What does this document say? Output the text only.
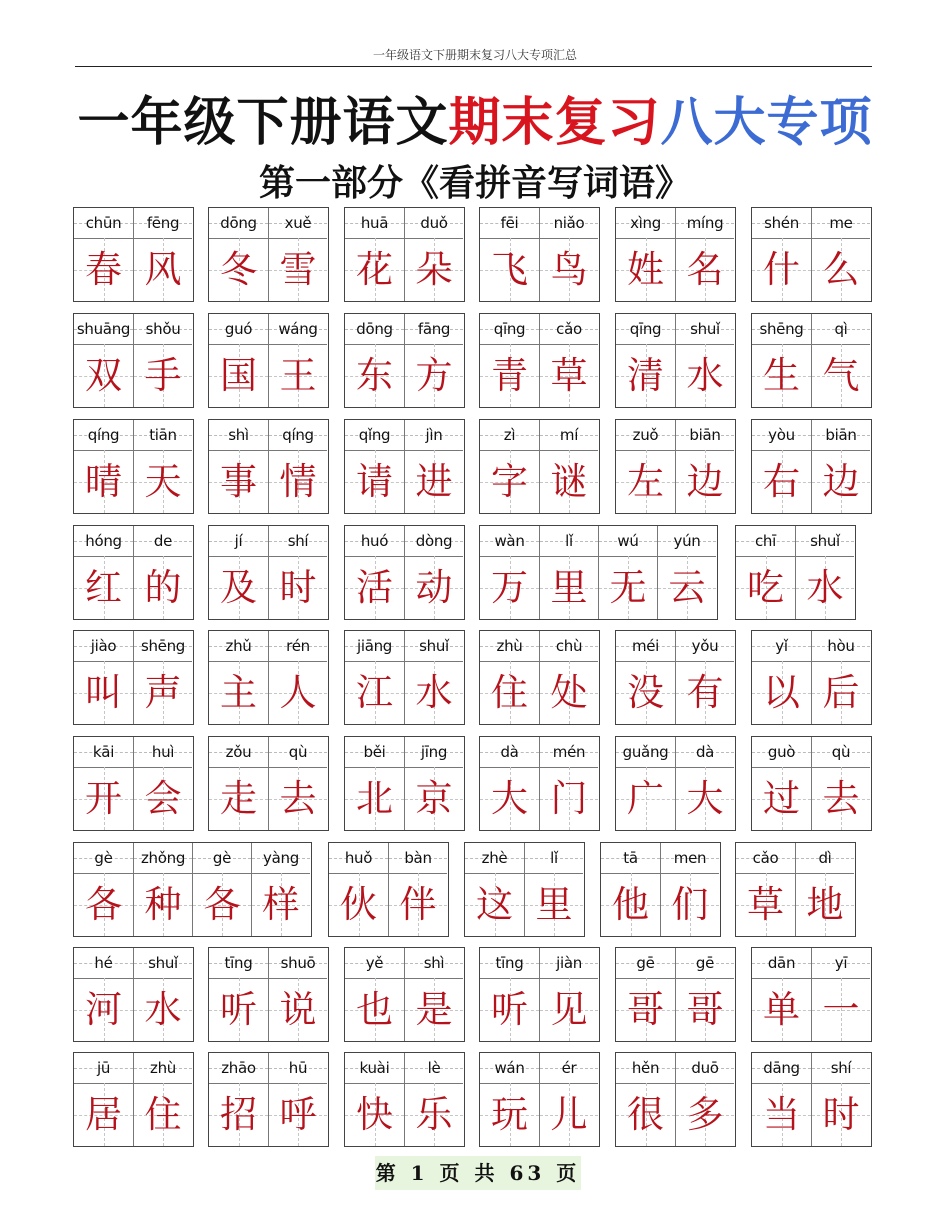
一年级语文下册期末复习八大专项汇总
一年级下册语文期末复习八大专项
第一部分《看拼音写词语》
chūn
春
fēng
风
dōng
冬
xuě
雪
huā
花
duǒ
朵
fēi
飞
niǎo
鸟
xìng
姓
míng
名
shén
什
me
么
shuāng
双
shǒu
手
guó
国
wáng
王
dōng
东
fāng
方
qīng
青
cǎo
草
qīng
清
shuǐ
水
shēng
生
qì
气
qíng
晴
tiān
天
shì
事
qíng
情
qǐng
请
jìn
进
zì
字
mí
谜
zuǒ
左
biān
边
yòu
右
biān
边
hóng
红
de
的
jí
及
shí
时
huó
活
dòng
动
wàn
万
lǐ
里
wú
无
yún
云
chī
吃
shuǐ
水
jiào
叫
shēng
声
zhǔ
主
rén
人
jiāng
江
shuǐ
水
zhù
住
chù
处
méi
没
yǒu
有
yǐ
以
hòu
后
kāi
开
huì
会
zǒu
走
qù
去
běi
北
jīng
京
dà
大
mén
门
guǎng
广
dà
大
guò
过
qù
去
gè
各
zhǒng
种
gè
各
yàng
样
huǒ
伙
bàn
伴
zhè
这
lǐ
里
tā
他
men
们
cǎo
草
dì
地
hé
河
shuǐ
水
tīng
听
shuō
说
yě
也
shì
是
tīng
听
jiàn
见
gē
哥
gē
哥
dān
单
yī
一
jū
居
zhù
住
zhāo
招
hū
呼
kuài
快
lè
乐
wán
玩
ér
儿
hěn
很
duō
多
dāng
当
shí
时
第 1 页 共 63 页
